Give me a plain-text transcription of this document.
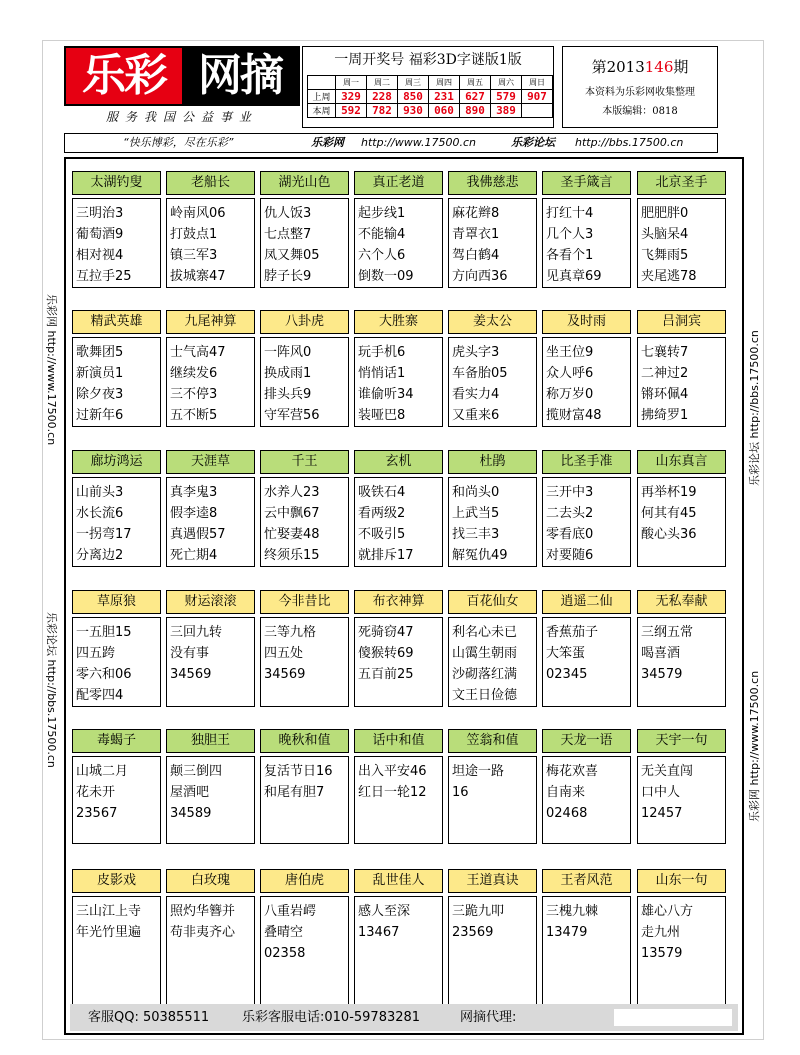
乐彩 网摘
服务我国公益事业
一周开奖号 福彩3D字谜版1版
	周一	周二	周三	周四	周五	周六	周日
上周	329	228	850	231	627	579	907
本周	592	782	930	060	890	389	
第2013146期
本资料为乐彩网收集整理
本版编辑：0818
“快乐博彩，尽在乐彩”	乐彩网 http://www.17500.cn	乐彩论坛 http://bbs.17500.cn
乐彩网 http://www.17500.cn
乐彩论坛 http://bbs.17500.cn
乐彩论坛 http://bbs.17500.cn
乐彩网 http://www.17500.cn
太湖钓叟
三明治3
葡萄酒9
相对视4
互拉手25
老船长
岭南风06
打鼓点1
镇三军3
拔城寨47
湖光山色
仇人饭3
七点整7
凤又舞05
脖子长9
真正老道
起步线1
不能输4
六个人6
倒数一09
我佛慈悲
麻花辫8
青罩衣1
驾白鹤4
方向西36
圣手箴言
打红十4
几个人3
各看个1
见真章69
北京圣手
肥肥胖0
头脑呆4
飞舞雨5
夹尾逃78
精武英雄
歌舞团5
新演员1
除夕夜3
过新年6
九尾神算
士气高47
继续发6
三不停3
五不断5
八卦虎
一阵风0
换成雨1
排头兵9
守军营56
大胜寨
玩手机6
悄悄话1
谁偷听34
装哑巴8
姜太公
虎头字3
车备胎05
看实力4
又重来6
及时雨
坐王位9
众人呼6
称万岁0
揽财富48
吕洞宾
七襄转7
二神过2
锵环佩4
拂绮罗1
廊坊鸿运
山前头3
水长流6
一拐弯17
分离边2
天涯草
真李鬼3
假李逵8
真遇假57
死亡期4
千王
水养人23
云中飘67
忙娶妻48
终须乐15
玄机
吸铁石4
看两级2
不吸引5
就排斥17
杜鹃
和尚头0
上武当5
找三丰3
解冤仇49
比圣手准
三开中3
二去头2
零看底0
对要随6
山东真言
再举杯19
何其有45
酸心头36

草原狼
一五胆15
四五跨
零六和06
配零四4
财运滚滚
三回九转
没有事
34569

今非昔比
三等九格
四五处
34569

布衣神算
死骑窃47
傻猴转69
五百前25

百花仙女
利名心未已
山霭生朝雨
沙砌落红满
文王日俭德
逍遥二仙
香蕉茄子
大笨蛋
02345

无私奉献
三纲五常
喝喜酒
34579

毒蝎子
山城二月
花未开
23567
独胆王
颠三倒四
屋酒吧
34589
晚秋和值
复活节日16
和尾有胆7

话中和值
出入平安46
红日一轮12

笠翁和值
坦途一路
16

天龙一语
梅花欢喜
自南来
02468
天宇一句
无关直闯
口中人
12457
皮影戏
三山江上寺
年光竹里遍

白玫瑰
照灼华簪并
苟非夷齐心

唐伯虎
八重岩崿
叠晴空
02358
乱世佳人
感人至深
13467

王道真诀
三跪九叩
23569

王者风范
三槐九棘
13479

山东一句
雄心八方
走九州
13579
客服QQ: 50385511	乐彩客服电话:010-59783281	网摘代理:
